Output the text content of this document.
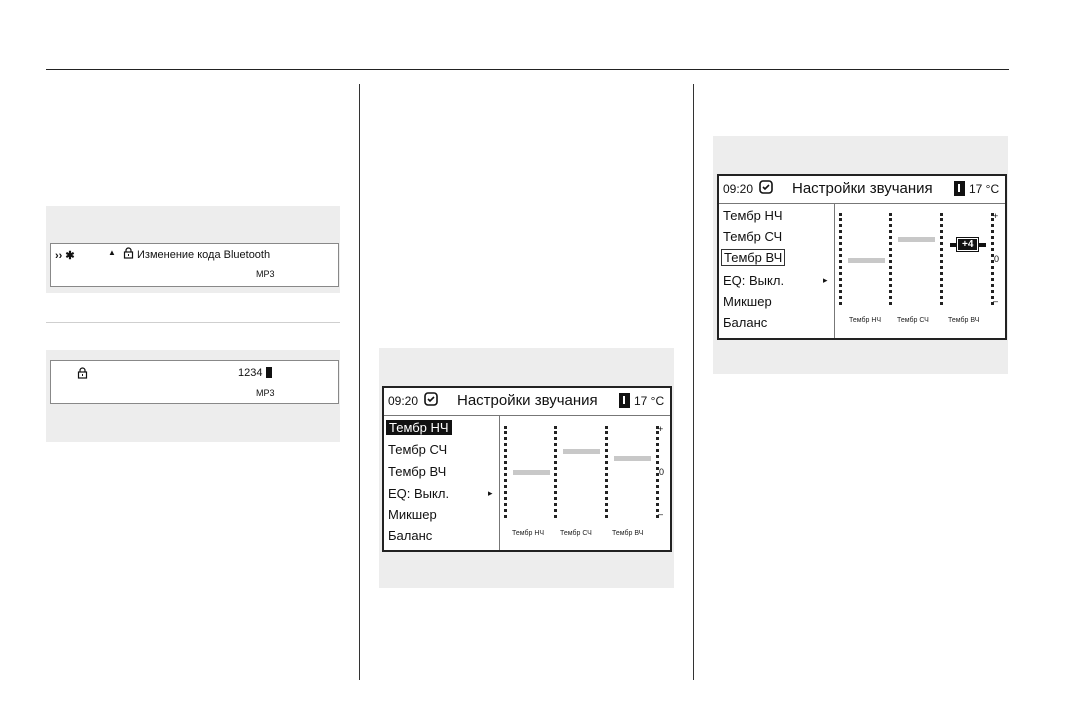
›› ✱	▲ Изменение кода Bluetooth
MP3
1234
MP3
09:20	Настройки звучания	17 °C
Тембр НЧ
Тембр СЧ
Тембр ВЧ
EQ: Выкл.	▸
Микшер
Баланс
+
0
–
Тембр НЧ Тембр СЧ	Тембр ВЧ
09:20	Настройки звучания	17 °C
Тембр НЧ
Тембр СЧ
Тембр ВЧ
EQ: Выкл.	▸
Микшер
Баланс
+4
+
0
–
Тембр НЧ Тембр СЧ	Тембр ВЧ
